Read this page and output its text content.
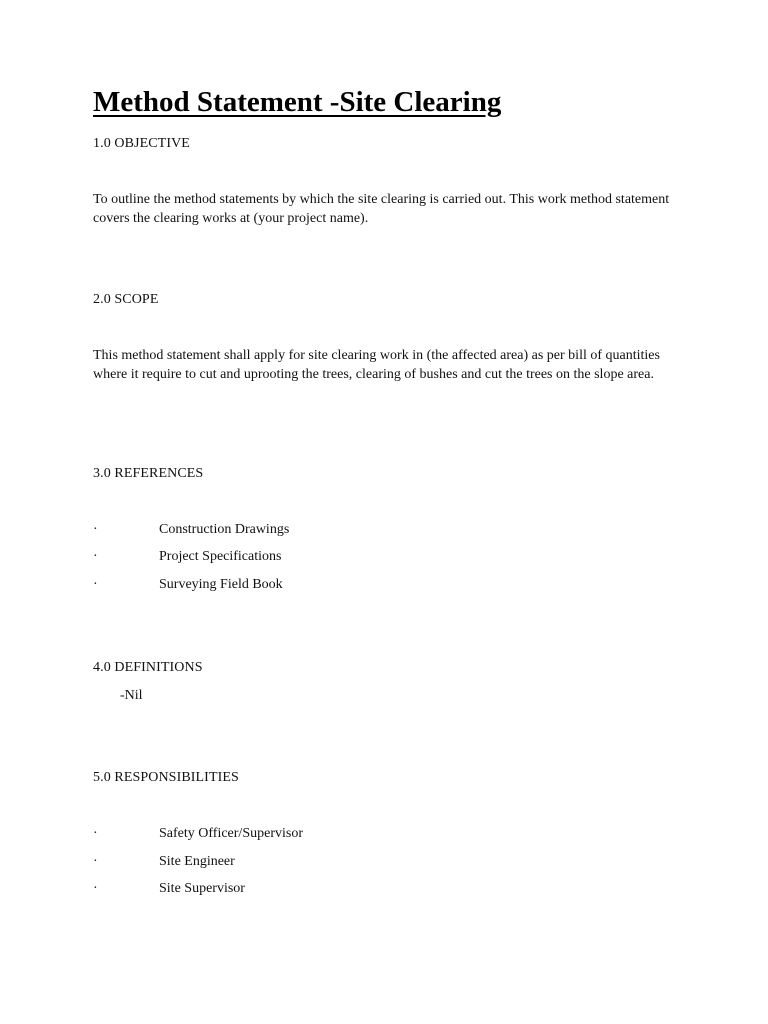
Method Statement -Site Clearing
1.0 OBJECTIVE

To outline the method statements by which the site clearing is carried out. This work method statement covers the clearing works at (your project name).

2.0 SCOPE

This method statement shall apply for site clearing work in (the affected area) as per bill of quantities where it require to cut and uprooting the trees, clearing of bushes and cut the trees on the slope area.

3.0 REFERENCES
·	Construction Drawings
·	Project Specifications
·	Surveying Field Book
4.0 DEFINITIONS
-Nil
5.0 RESPONSIBILITIES
·	Safety Officer/Supervisor
·	Site Engineer
·	Site Supervisor
